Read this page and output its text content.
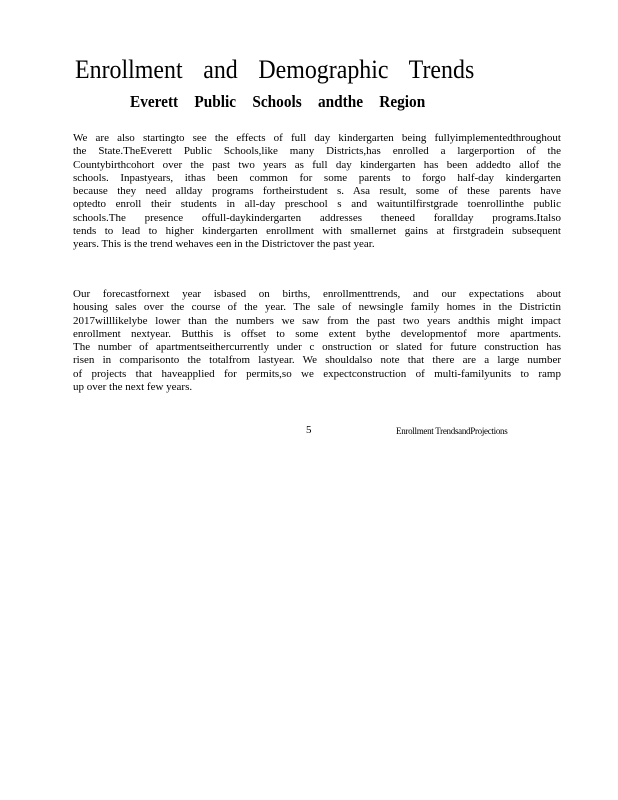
Enrollment and Demographic Trends
Everett Public Schools andthe Region
We are also startingto see the effects of full day kindergarten being fullyimplementedthroughout
the State.TheEverett Public Schools,like many Districts,has enrolled a largerportion of the
Countybirthcohort over the past two years as full day kindergarten has been addedto allof the
schools. Inpastyears, ithas been common for some parents to forgo half-day kindergarten
because they need allday programs fortheirstudent s. Asa result, some of these parents have
optedto enroll their students in all-day preschool s and waituntilfirstgrade toenrollinthe public
schools.The presence offull-daykindergarten addresses theneed forallday programs.Italso
tends to lead to higher kindergarten enrollment with smallernet gains at firstgradein subsequent
years. This is the trend wehaves een in the Districtover the past year.
Our forecastfornext year isbased on births, enrollmenttrends, and our expectations about
housing sales over the course of the year. The sale of newsingle family homes in the Districtin
2017willlikelybe lower than the numbers we saw from the past two years andthis might impact
enrollment nextyear. Butthis is offset to some extent bythe developmentof more apartments.
The number of apartmentseithercurrently under c onstruction or slated for future construction has
risen in comparisonto the totalfrom lastyear. We shouldalso note that there are a large number
of projects that haveapplied for permits,so we expectconstruction of multi-familyunits to ramp
up over the next few years.
5	Enrollment TrendsandProjections
